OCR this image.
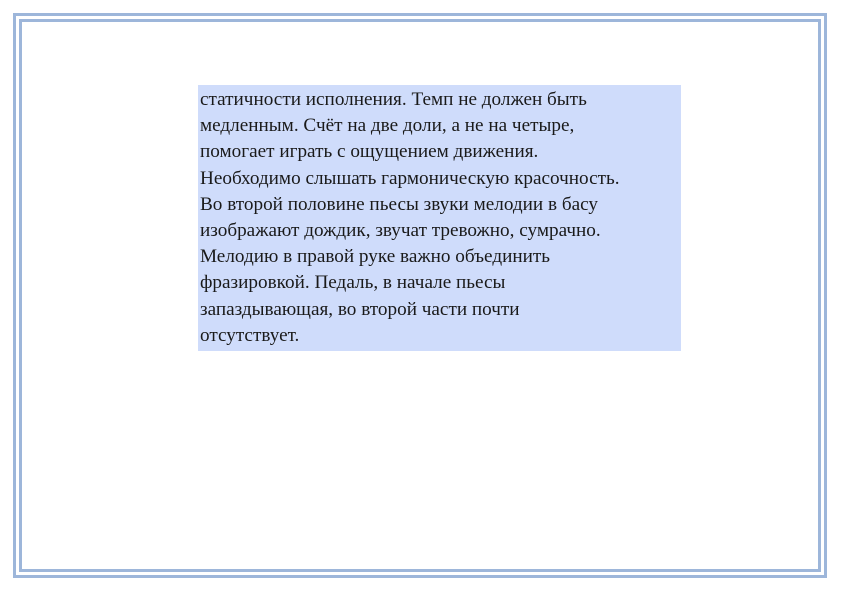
статичности исполнения. Темп не должен быть
медленным. Счёт на две доли, а не на четыре,
помогает играть с ощущением движения.
Необходимо слышать гармоническую красочность.
Во второй половине пьесы звуки мелодии в басу
изображают дождик, звучат тревожно, сумрачно.
Мелодию в правой руке важно объединить
фразировкой. Педаль, в начале пьесы
запаздывающая, во второй части почти
отсутствует.
